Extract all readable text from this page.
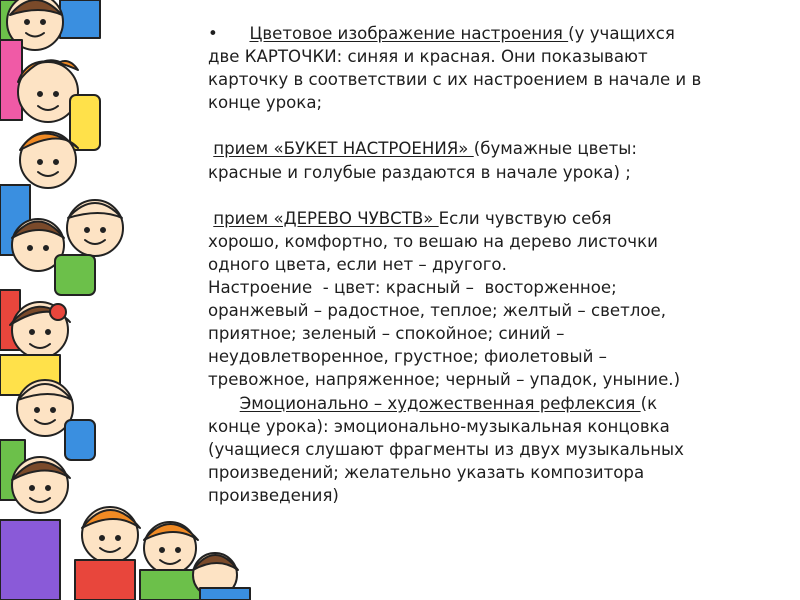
• Цветовое изображение настроения (у учащихся
две КАРТОЧКИ: синяя и красная. Они показывают
карточку в соответствии с их настроением в начале и в
конце урока;
прием «БУКЕТ НАСТРОЕНИЯ» (бумажные цветы:
красные и голубые раздаются в начале урока) ;
прием «ДЕРЕВО ЧУВСТВ» Если чувствую себя
хорошо, комфортно, то вешаю на дерево листочки
одного цвета, если нет – другого.
Настроение  - цвет: красный –  восторженное;
оранжевый – радостное, теплое; желтый – светлое,
приятное; зеленый – спокойное; синий –
неудовлетворенное, грустное; фиолетовый –
тревожное, напряженное; черный – упадок, уныние.)
Эмоционально – художественная рефлексия (к
конце урока): эмоционально-музыкальная концовка
(учащиеся слушают фрагменты из двух музыкальных
произведений; желательно указать композитора
произведения)
